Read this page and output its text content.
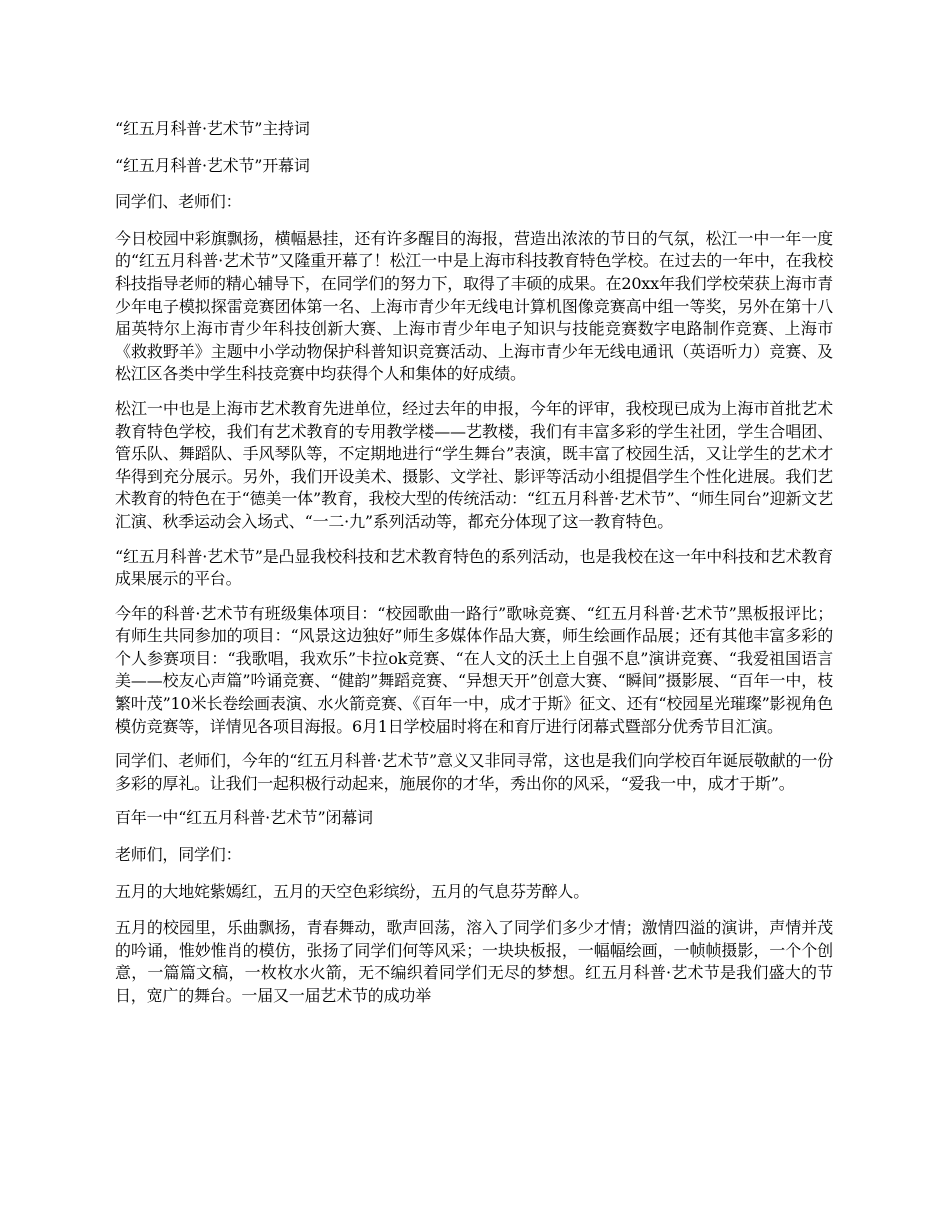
“红五月科普·艺术节”主持词

“红五月科普·艺术节”开幕词

同学们、老师们：

今日校园中彩旗飘扬，横幅悬挂，还有许多醒目的海报，营造出浓浓的节日的气氛，松江一中一年一度的“红五月科普·艺术节”又隆重开幕了！松江一中是上海市科技教育特色学校。在过去的一年中，在我校科技指导老师的精心辅导下，在同学们的努力下，取得了丰硕的成果。在20xx年我们学校荣获上海市青少年电子模拟探雷竞赛团体第一名、上海市青少年无线电计算机图像竞赛高中组一等奖，另外在第十八届英特尔上海市青少年科技创新大赛、上海市青少年电子知识与技能竞赛数字电路制作竞赛、上海市《救救野羊》主题中小学动物保护科普知识竞赛活动、上海市青少年无线电通讯（英语听力）竞赛、及松江区各类中学生科技竞赛中均获得个人和集体的好成绩。

松江一中也是上海市艺术教育先进单位，经过去年的申报，今年的评审，我校现已成为上海市首批艺术教育特色学校，我们有艺术教育的专用教学楼——艺教楼，我们有丰富多彩的学生社团，学生合唱团、管乐队、舞蹈队、手风琴队等，不定期地进行“学生舞台”表演，既丰富了校园生活，又让学生的艺术才华得到充分展示。另外，我们开设美术、摄影、文学社、影评等活动小组提倡学生个性化进展。我们艺术教育的特色在于“德美一体”教育，我校大型的传统活动：“红五月科普·艺术节”、“师生同台”迎新文艺汇演、秋季运动会入场式、“一二·九”系列活动等，都充分体现了这一教育特色。

“红五月科普·艺术节”是凸显我校科技和艺术教育特色的系列活动，也是我校在这一年中科技和艺术教育成果展示的平台。

今年的科普·艺术节有班级集体项目：“校园歌曲一路行”歌咏竞赛、“红五月科普·艺术节”黑板报评比；有师生共同参加的项目：“风景这边独好”师生多媒体作品大赛，师生绘画作品展；还有其他丰富多彩的个人参赛项目：“我歌唱，我欢乐”卡拉ok竞赛、“在人文的沃土上自强不息”演讲竞赛、“我爱祖国语言美——校友心声篇”吟诵竞赛、“健韵”舞蹈竞赛、“异想天开”创意大赛、“瞬间”摄影展、“百年一中，枝繁叶茂”10米长卷绘画表演、水火箭竞赛、《百年一中，成才于斯》征文、还有“校园星光璀璨”影视角色模仿竞赛等，详情见各项目海报。6月1日学校届时将在和育厅进行闭幕式暨部分优秀节目汇演。

同学们、老师们，今年的“红五月科普·艺术节”意义又非同寻常，这也是我们向学校百年诞辰敬献的一份多彩的厚礼。让我们一起积极行动起来，施展你的才华，秀出你的风采，“爱我一中，成才于斯”。

百年一中“红五月科普·艺术节”闭幕词

老师们，同学们：

五月的大地姹紫嫣红，五月的天空色彩缤纷，五月的气息芬芳醉人。

五月的校园里，乐曲飘扬，青春舞动，歌声回荡，溶入了同学们多少才情；激情四溢的演讲，声情并茂的吟诵，惟妙惟肖的模仿，张扬了同学们何等风采；一块块板报，一幅幅绘画，一帧帧摄影，一个个创意，一篇篇文稿，一枚枚水火箭，无不编织着同学们无尽的梦想。红五月科普·艺术节是我们盛大的节日，宽广的舞台。一届又一届艺术节的成功举
